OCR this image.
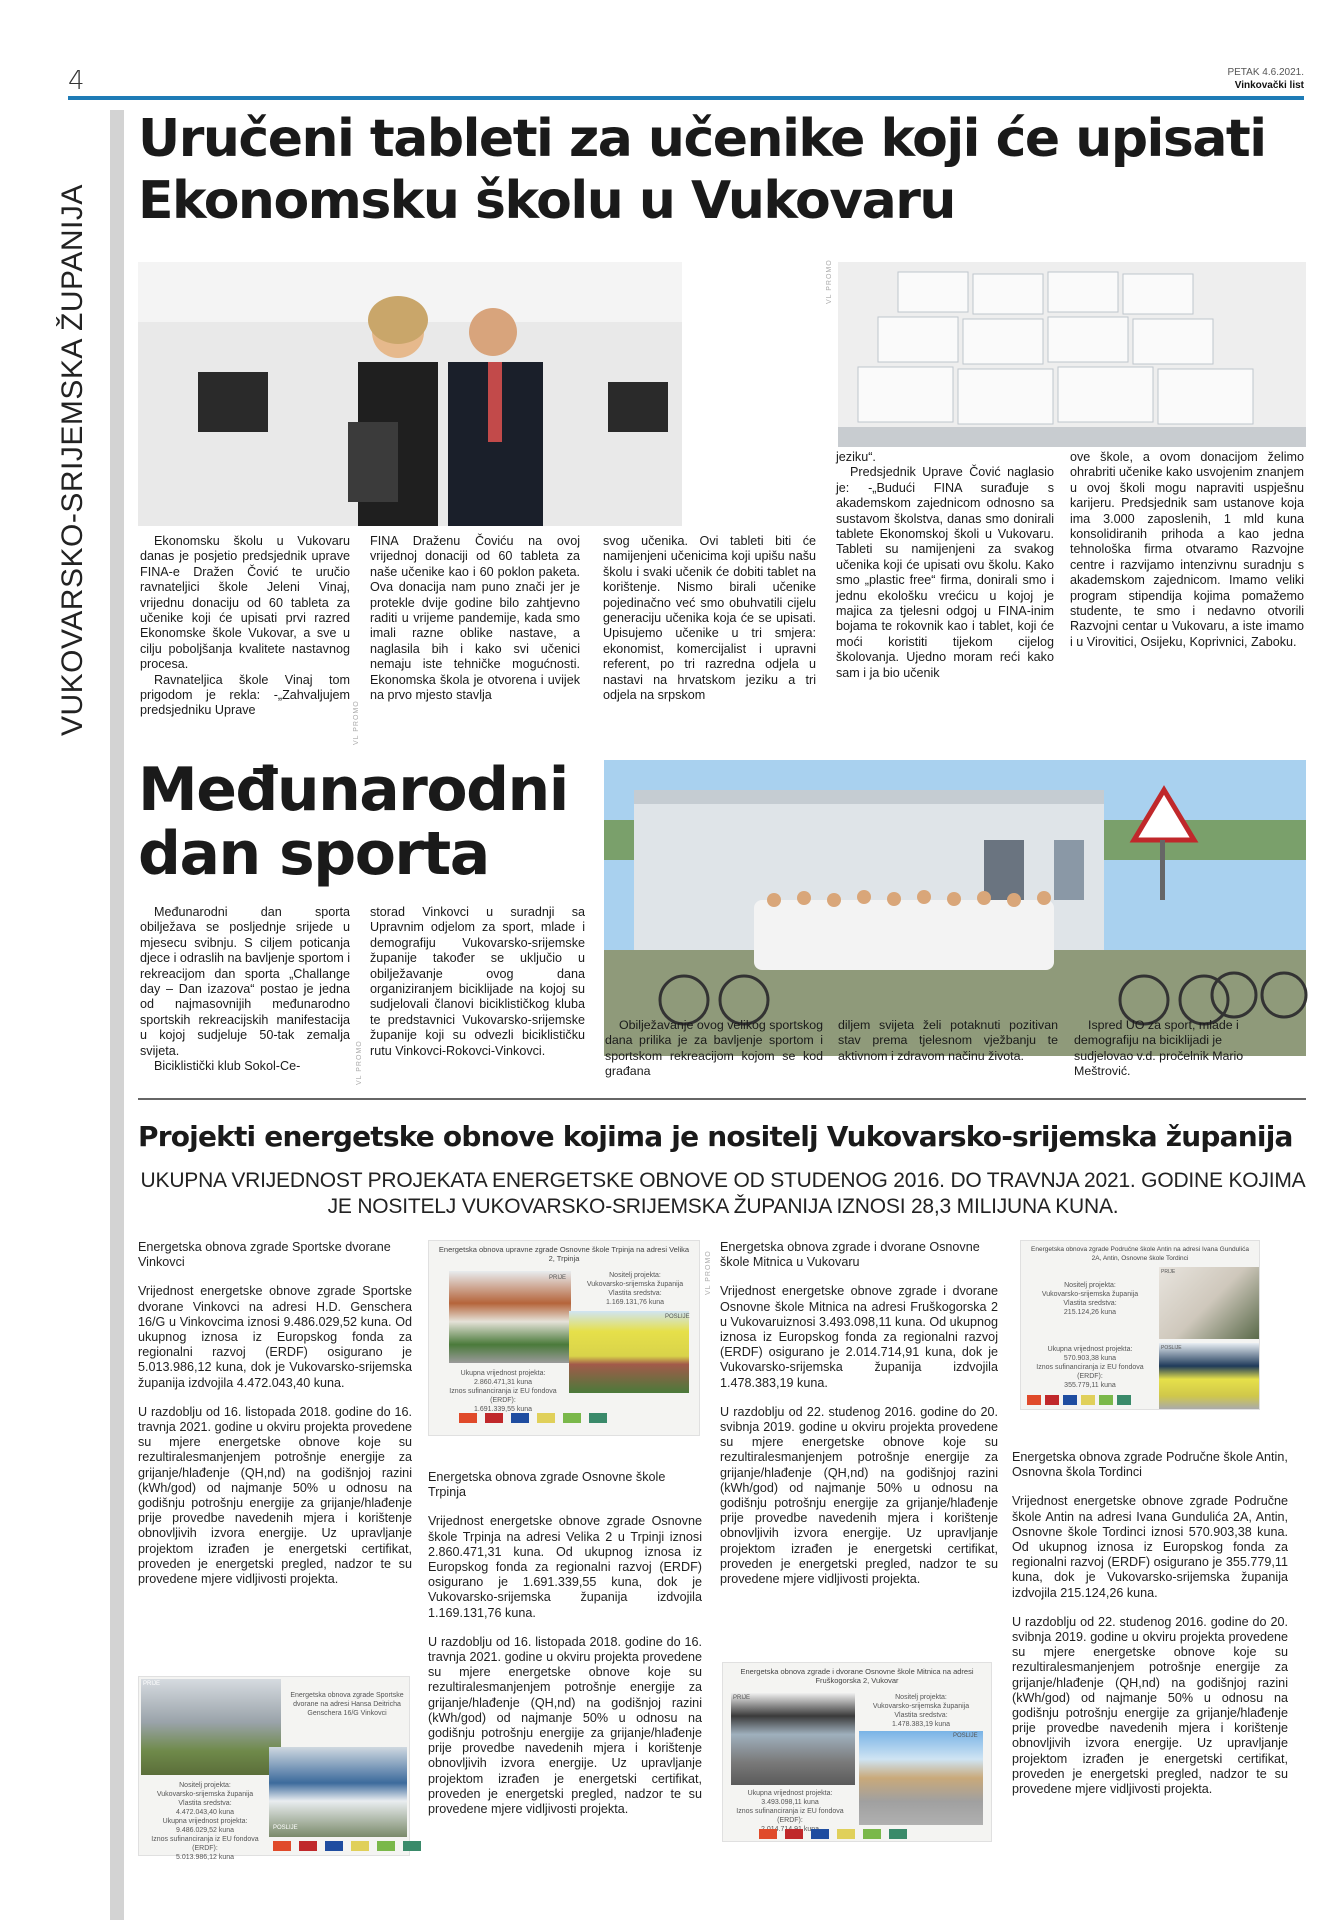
4	PETAK 4.6.2021.
Vinkovački list
VUKOVARSKO-SRIJEMSKA ŽUPANIJA
Uručeni tableti za učenike koji će upisati Ekonomsku školu u Vukovaru
VL PROMO

Ekonomsku školu u Vukovaru danas je posjetio predsjednik uprave FINA-e Dražen Čović te uručio ravnateljici škole Jeleni Vinaj, vrijednu donaciju od 60 tableta za učenike koji će upisati prvi razred Ekonomske škole Vukovar, a sve u cilju poboljšanja kvalitete nastavnog procesa.

Ravnateljica škole Vinaj tom prigodom je rekla: -„Zahvaljujem predsjedniku Uprave

FINA Draženu Čoviću na ovoj vrijednoj donaciji od 60 tableta za naše učenike kao i 60 poklon paketa. Ova donacija nam puno znači jer je protekle dvije godine bilo zahtjevno raditi u vrijeme pandemije, kada smo imali razne oblike nastave, a naglasila bih i kako svi učenici nemaju iste tehničke mogućnosti. Ekonomska škola je otvorena i uvijek na prvo mjesto stavlja

VL PROMO

svog učenika. Ovi tableti biti će namijenjeni učenicima koji upišu našu školu i svaki učenik će dobiti tablet na korištenje. Nismo birali učenike pojedinačno već smo obuhvatili cijelu generaciju učenika koja će se upisati. Upisujemo učenike u tri smjera: ekonomist, komercijalist i upravni referent, po tri razredna odjela u nastavi na hrvatskom jeziku a tri odjela na srpskom

jeziku“.

Predsjednik Uprave Čović naglasio je: -„Budući FINA surađuje s akademskom zajednicom odnosno sa sustavom školstva, danas smo donirali tablete Ekonomskoj školi u Vukovaru. Tableti su namijenjeni za svakog učenika koji će upisati ovu školu. Kako smo „plastic free“ firma, donirali smo i jednu ekološku vrećicu u kojoj je majica za tjelesni odgoj u FINA-inim bojama te rokovnik kao i tablet, koji će moći koristiti tijekom cijelog školovanja. Ujedno moram reći kako sam i ja bio učenik

ove škole, a ovom donacijom želimo ohrabriti učenike kako usvojenim znanjem u ovoj školi mogu napraviti uspješnu karijeru. Predsjednik sam ustanove koja ima 3.000 zaposlenih, 1 mld kuna konsolidiranih prihoda a kao jedna tehnološka firma otvaramo Razvojne centre i razvijamo intenzivnu suradnju s akademskom zajednicom. Imamo veliki program stipendija kojima pomažemo studente, te smo i nedavno otvorili Razvojni centar u Vukovaru, a iste imamo i u Virovitici, Osijeku, Koprivnici, Zaboku.

Međunarodni dan sporta

Međunarodni dan sporta obilježava se posljednje srijede u mjesecu svibnju. S ciljem poticanja djece i odraslih na bavljenje sportom i rekreacijom dan sporta „Challange day – Dan izazova“ postao je jedna od najmasovnijih međunarodno sportskih rekreacijskih manifestacija u kojoj sudjeluje 50-tak zemalja svijeta.

Biciklistički klub Sokol-Ce-	VL PROMO

storad Vinkovci u suradnji sa Upravnim odjelom za sport, mlade i demografiju Vukovarsko-srijemske županije također se uključio u obilježavanje ovog dana organiziranjem biciklijade na kojoj su sudjelovali članovi biciklističkog kluba te predstavnici Vukovarsko-srijemske županije koji su odvezli biciklističku rutu Vinkovci-Rokovci-Vinkovci.

Obilježavanje ovog velikog sportskog dana prilika je za bavljenje sportom i sportskom rekreacijom kojom se kod građana

diljem svijeta želi potaknuti pozitivan stav prema tjelesnom vježbanju te aktivnom i zdravom načinu života.

Ispred UO za sport, mlade i demografiju na biciklijadi je sudjelovao v.d. pročelnik Mario Meštrović.

Projekti energetske obnove kojima je nositelj Vukovarsko-srijemska županija
UKUPNA VRIJEDNOST PROJEKATA ENERGETSKE OBNOVE OD STUDENOG 2016. DO TRAVNJA 2021. GODINE KOJIMA JE NOSITELJ VUKOVARSKO-SRIJEMSKA ŽUPANIJA IZNOSI 28,3 MILIJUNA KUNA.
Energetska obnova zgrade Sportske dvorane Vinkovci

Vrijednost energetske obnove zgrade Sportske dvorane Vinkovci na adresi H.D. Genschera 16/G u Vinkovcima iznosi 9.486.029,52 kuna. Od ukupnog iznosa iz Europskog fonda za regionalni razvoj (ERDF) osigurano je 5.013.986,12 kuna, dok je Vukovarsko-srijemska županija izdvojila 4.472.043,40 kuna.

U razdoblju od 16. listopada 2018. godine do 16. travnja 2021. godine u okviru projekta provedene su mjere energetske obnove koje su rezultiralesmanjenjem potrošnje energije za grijanje/hlađenje (QH,nd) na godišnjoj razini (kWh/god) od najmanje 50% u odnosu na godišnju potrošnju energije za grijanje/hlađenje prije provedbe navedenih mjera i korištenje obnovljivih izvora energije. Uz upravljanje projektom izrađen je energetski certifikat, proveden je energetski pregled, nadzor te su provedene mjere vidljivosti projekta.

PRIJE
Energetska obnova zgrade Sportske dvorane na adresi Hansa Deitricha Genschera 16/G Vinkovci
POSLIJE
Nositelj projekta:
Vukovarsko-srijemska županija
Vlastita sredstva:
4.472.043,40 kuna
Ukupna vrijednost projekta:
9.486.029,52 kuna
Iznos sufinanciranja iz EU fondova (ERDF):
5.013.986,12 kuna
Energetska obnova upravne zgrade Osnovne škole Trpinja na adresi Velika 2, Trpinja
PRIJE
POSLIJE
Nositelj projekta:
Vukovarsko-srijemska županija
Vlastita sredstva:
1.169.131,76 kuna
Ukupna vrijednost projekta:
2.860.471,31 kuna
Iznos sufinanciranja iz EU fondova (ERDF):
1.691.339,55 kuna
VL PROMO
Energetska obnova zgrade Osnovne škole Trpinja

Vrijednost energetske obnove zgrade Osnovne škole Trpinja na adresi Velika 2 u Trpinji iznosi 2.860.471,31 kuna. Od ukupnog iznosa iz Europskog fonda za regionalni razvoj (ERDF) osigurano je 1.691.339,55 kuna, dok je Vukovarsko-srijemska županija izdvojila 1.169.131,76 kuna.

U razdoblju od 16. listopada 2018. godine do 16. travnja 2021. godine u okviru projekta provedene su mjere energetske obnove koje su rezultiralesmanjenjem potrošnje energije za grijanje/hlađenje (QH,nd) na godišnjoj razini (kWh/god) od najmanje 50% u odnosu na godišnju potrošnju energije za grijanje/hlađenje prije provedbe navedenih mjera i korištenje obnovljivih izvora energije. Uz upravljanje projektom izrađen je energetski certifikat, proveden je energetski pregled, nadzor te su provedene mjere vidljivosti projekta.

Energetska obnova zgrade i dvorane Osnovne škole Mitnica u Vukovaru

Vrijednost energetske obnove zgrade i dvorane Osnovne škole Mitnica na adresi Fruškogorska 2 u Vukovaruiznosi 3.493.098,11 kuna. Od ukupnog iznosa iz Europskog fonda za regionalni razvoj (ERDF) osigurano je 2.014.714,91 kuna, dok je Vukovarsko-srijemska županija izdvojila 1.478.383,19 kuna.

U razdoblju od 22. studenog 2016. godine do 20. svibnja 2019. godine u okviru projekta provedene su mjere energetske obnove koje su rezultiralesmanjenjem potrošnje energije za grijanje/hlađenje (QH,nd) na godišnjoj razini (kWh/god) od najmanje 50% u odnosu na godišnju potrošnju energije za grijanje/hlađenje prije provedbe navedenih mjera i korištenje obnovljivih izvora energije. Uz upravljanje projektom izrađen je energetski certifikat, proveden je energetski pregled, nadzor te su provedene mjere vidljivosti projekta.

Energetska obnova zgrade i dvorane Osnovne škole Mitnica na adresi Fruškogorska 2, Vukovar
PRIJE
POSLIJE
Nositelj projekta:
Vukovarsko-srijemska županija
Vlastita sredstva:
1.478.383,19 kuna
Ukupna vrijednost projekta:
3.493.098,11 kuna
Iznos sufinanciranja iz EU fondova (ERDF):
2.014.714,91
Energetska obnova zgrade Područne škole Antin na adresi Ivana Gundulića 2A, Antin, Osnovne škole Tordinci
PRIJE
POSLIJE
Nositelj projekta:
Vukovarsko-srijemska županija
Vlastita sredstva:
215.124,26 kuna
Ukupna vrijednost projekta:
570.903,38 kuna
Iznos sufinanciranja iz EU fondova (ERDF):
355.779,11 kuna
Energetska obnova zgrade Područne škole Antin, Osnovna škola Tordinci

Vrijednost energetske obnove zgrade Područne škole Antin na adresi Ivana Gundulića 2A, Antin, Osnovne škole Tordinci iznosi 570.903,38 kuna. Od ukupnog iznosa iz Europskog fonda za regionalni razvoj (ERDF) osigurano je 355.779,11 kuna, dok je Vukovarsko-srijemska županija izdvojila 215.124,26 kuna.

U razdoblju od 22. studenog 2016. godine do 20. svibnja 2019. godine u okviru projekta provedene su mjere energetske obnove koje su rezultiralesmanjenjem potrošnje energije za grijanje/hlađenje (QH,nd) na godišnjoj razini (kWh/god) od najmanje 50% u odnosu na godišnju potrošnju energije za grijanje/hlađenje prije provedbe navedenih mjera i korištenje obnovljivih izvora energije. Uz upravljanje projektom izrađen je energetski certifikat, proveden je energetski pregled, nadzor te su provedene mjere vidljivosti projekta.
